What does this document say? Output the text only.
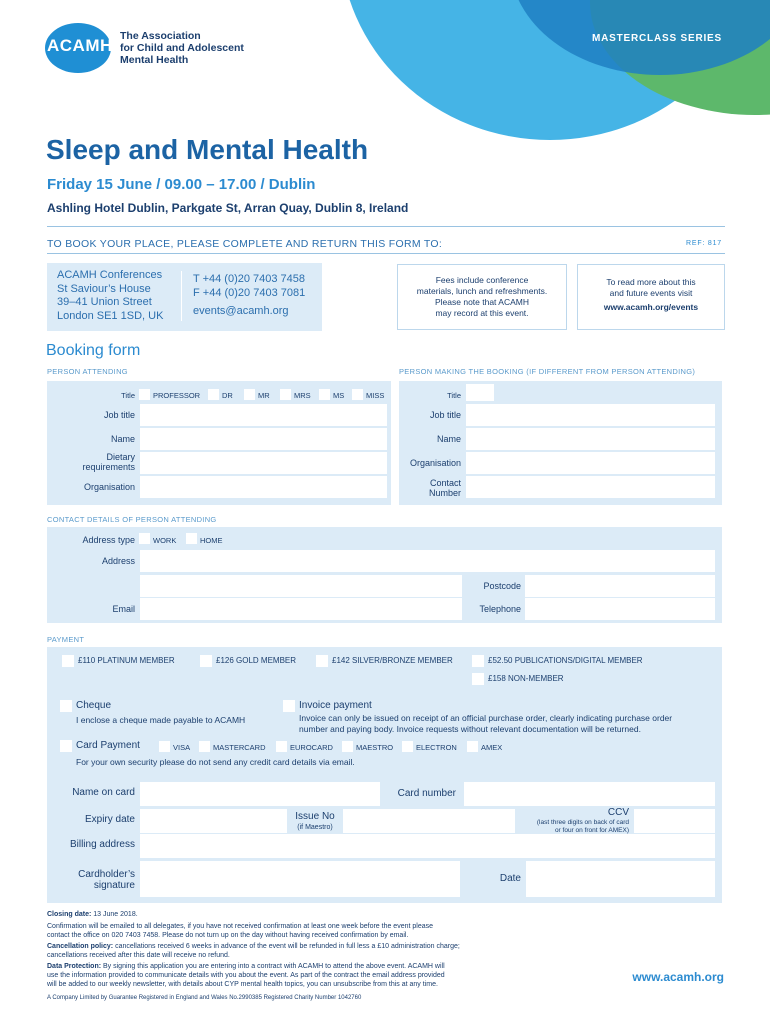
ACAMH The Association
for Child and Adolescent
Mental Health
MASTERCLASS SERIES
Sleep and Mental Health
Friday 15 June / 09.00 – 17.00 / Dublin
Ashling Hotel Dublin, Parkgate St, Arran Quay, Dublin 8, Ireland
TO BOOK YOUR PLACE, PLEASE COMPLETE AND RETURN THIS FORM TO:	REF: 817
ACAMH Conferences
St Saviour’s House
39–41 Union Street
London SE1 1SD, UK
T +44 (0)20 7403 7458
F +44 (0)20 7403 7081
events@acamh.org
Fees include conference
materials, lunch and refreshments.
Please note that ACAMH
may record at this event.
To read more about this
and future events visit
www.acamh.org/events
Booking form
PERSON ATTENDING	PERSON MAKING THE BOOKING (IF DIFFERENT FROM PERSON ATTENDING)
Title PROFESSOR	DR	MR	MRS	MS	MISS
Job title
Name
Dietary
requirements
Organisation
Title
Job title
Name
Organisation
Contact
Number
CONTACT DETAILS OF PERSON ATTENDING
Address type WORK	HOME
Address
Postcode
Email	Telephone
PAYMENT
£110 PLATINUM MEMBER	£126 GOLD MEMBER	£142 SILVER/BRONZE MEMBER	£52.50 PUBLICATIONS/DIGITAL MEMBER
£158 NON-MEMBER
Cheque
I enclose a cheque made payable to ACAMH
Invoice payment
Invoice can only be issued on receipt of an official purchase order, clearly indicating purchase order
number and paying body. Invoice requests without relevant documentation will be returned.
Card Payment	VISA	MASTERCARD	EUROCARD	MAESTRO	ELECTRON	AMEX
For your own security please do not send any credit card details via email.
Name on card	Card number
Expiry date	Issue No
(if Maestro)
CCV
(last three digits on back of card
or four on front for AMEX)
Billing address
Cardholder’s
signature
Date
Closing date: 13 June 2018.
Confirmation will be emailed to all delegates, if you have not received confirmation at least one week before the event please
contact the office on 020 7403 7458. Please do not turn up on the day without having received confirmation by email.
Cancellation policy: cancellations received 6 weeks in advance of the event will be refunded in full less a £10 administration charge;
cancellations received after this date will receive no refund.
Data Protection: By signing this application you are entering into a contract with ACAMH to attend the above event. ACAMH will
use the information provided to communicate details with you about the event. As part of the contract the email address provided
will be added to our weekly newsletter, with details about CYP mental health topics, you can unsubscribe from this at any time.
A Company Limited by Guarantee Registered in England and Wales No.2990385 Registered Charity Number 1042760
www.acamh.org
